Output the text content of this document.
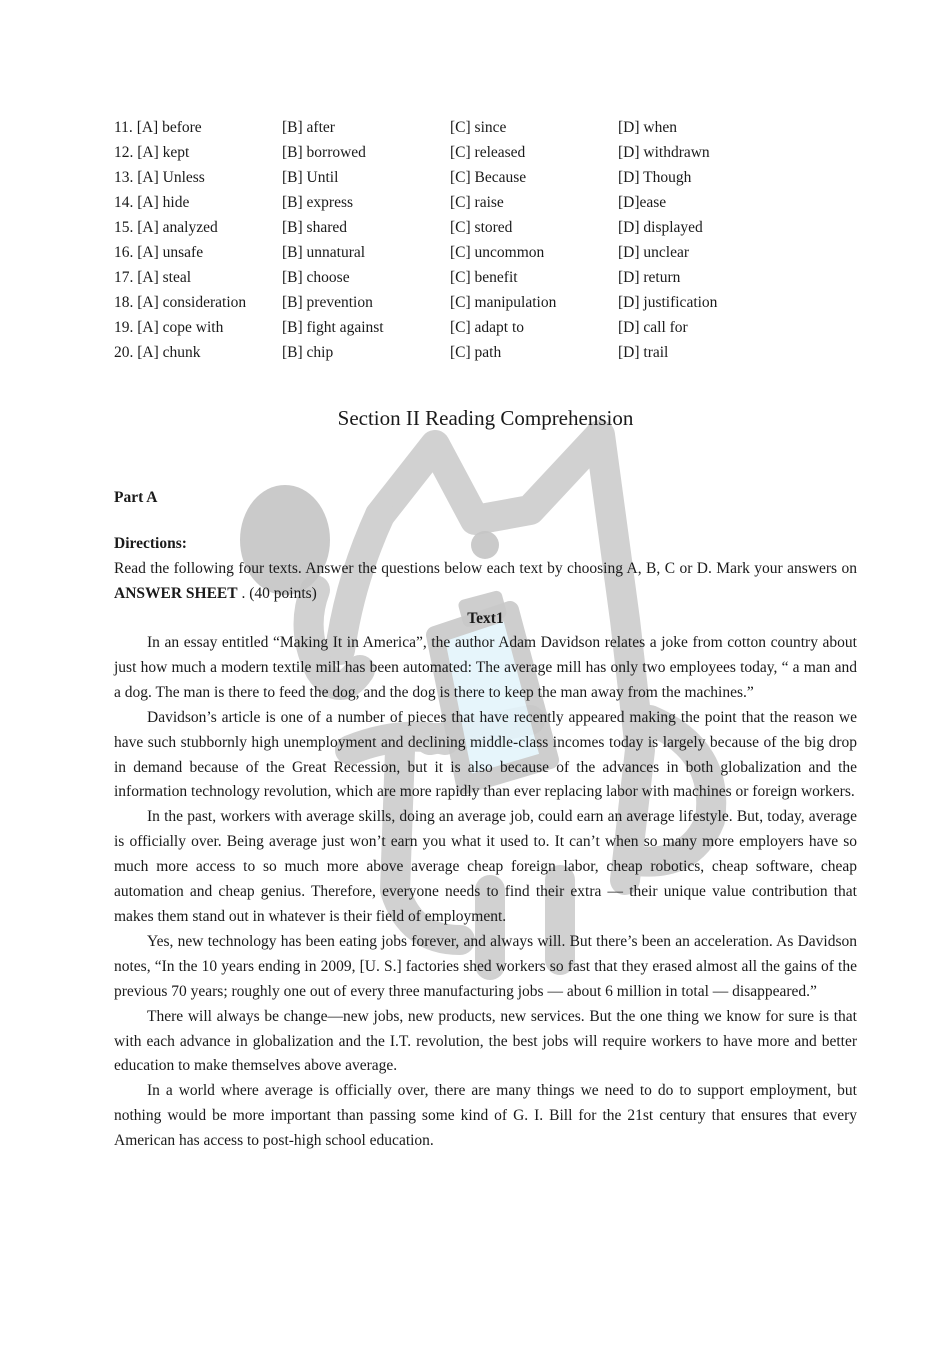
11. [A] before	[B] after	[C] since	[D] when
12. [A] kept	[B] borrowed	[C] released	[D] withdrawn
13. [A] Unless	[B] Until	[C] Because	[D] Though
14. [A] hide	[B] express	[C] raise	[D]ease
15. [A] analyzed	[B] shared	[C] stored	[D] displayed
16. [A] unsafe	[B] unnatural	[C] uncommon	[D] unclear
17. [A] steal	[B] choose	[C] benefit	[D] return
18. [A] consideration	[B] prevention	[C] manipulation	[D] justification
19. [A] cope with	[B] fight against	[C] adapt to	[D] call for
20. [A] chunk	[B] chip	[C] path	[D] trail
Section II Reading Comprehension
Part A
Directions:
Read the following four texts. Answer the questions below each text by choosing A, B, C or D. Mark your answers on ANSWER SHEET . (40 points)
Text1

In an essay entitled “Making It in America”, the author Adam Davidson relates a joke from cotton country about just how much a modern textile mill has been automated: The average mill has only two employees today, “ a man and a dog. The man is there to feed the dog, and the dog is there to keep the man away from the machines.”

Davidson’s article is one of a number of pieces that have recently appeared making the point that the reason we have such stubbornly high unemployment and declining middle-class incomes today is largely because of the big drop in demand because of the Great Recession, but it is also because of the advances in both globalization and the information technology revolution, which are more rapidly than ever replacing labor with machines or foreign workers.

In the past, workers with average skills, doing an average job, could earn an average lifestyle. But, today, average is officially over. Being average just won’t earn you what it used to. It can’t when so many more employers have so much more access to so much more above average cheap foreign labor, cheap robotics, cheap software, cheap automation and cheap genius. Therefore, everyone needs to find their extra — their unique value contribution that makes them stand out in whatever is their field of employment.

Yes, new technology has been eating jobs forever, and always will. But there’s been an acceleration. As Davidson notes, “In the 10 years ending in 2009, [U. S.] factories shed workers so fast that they erased almost all the gains of the previous 70 years; roughly one out of every three manufacturing jobs — about 6 million in total — disappeared.”

There will always be change—new jobs, new products, new services. But the one thing we know for sure is that with each advance in globalization and the I.T. revolution, the best jobs will require workers to have more and better education to make themselves above average.

In a world where average is officially over, there are many things we need to do to support employment, but nothing would be more important than passing some kind of G. I. Bill for the 21st century that ensures that every American has access to post-high school education.
